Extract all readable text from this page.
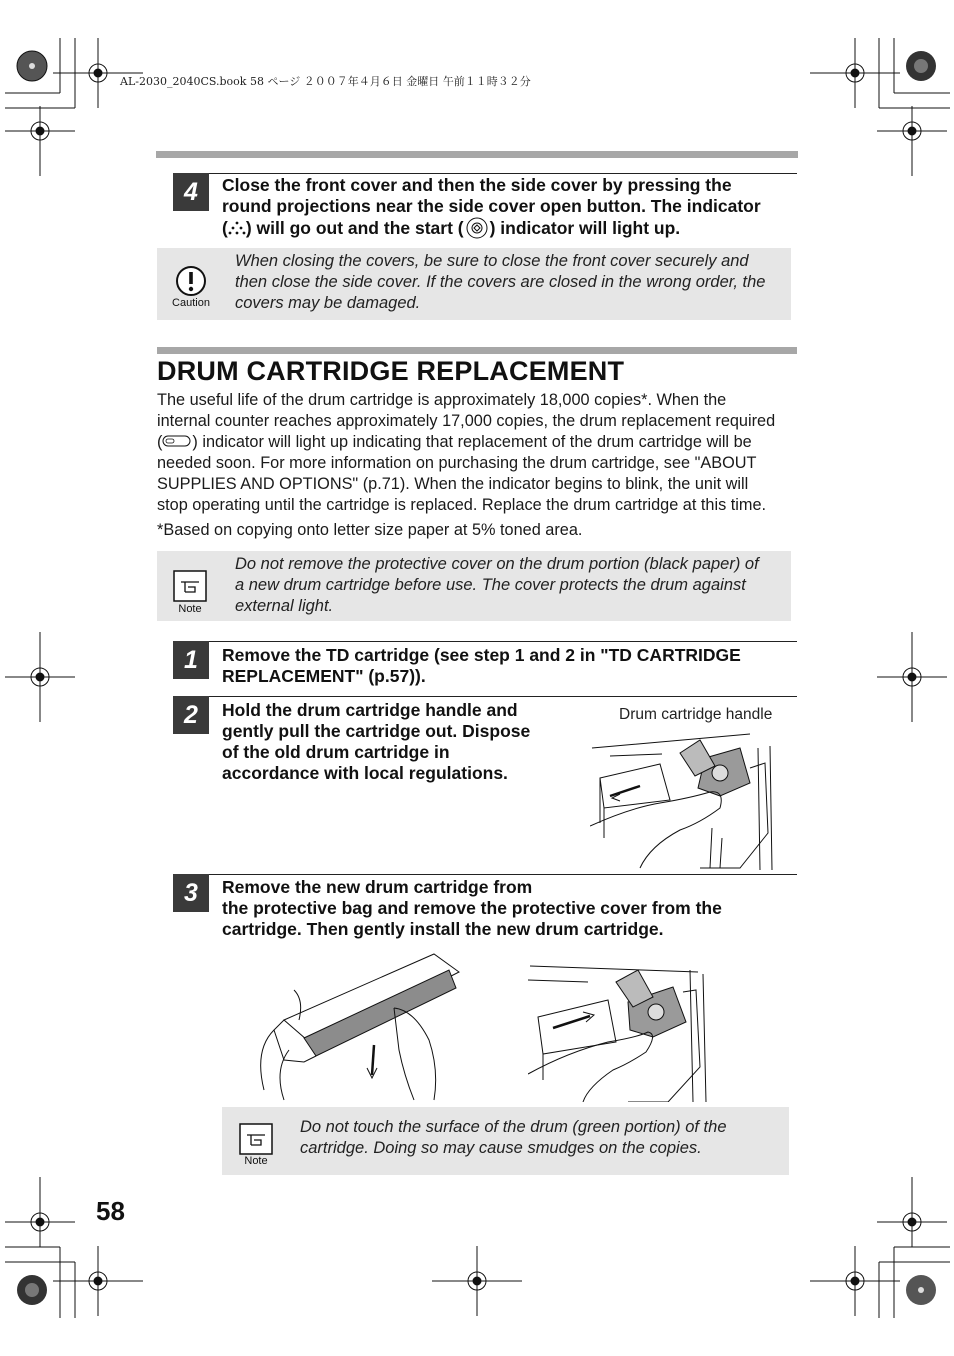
AL-2030_2040CS.book 58 ページ ２００７年４月６日 金曜日 午前１１時３２分
4	Close the front cover and then the side cover by pressing the
round projections near the side cover open button. The indicator
( ) will go out and the start ( ) indicator will light up.
Caution
When closing the covers, be sure to close the front cover securely and
then close the side cover. If the covers are closed in the wrong order, the
covers may be damaged.
DRUM CARTRIDGE REPLACEMENT
The useful life of the drum cartridge is approximately 18,000 copies*. When the
internal counter reaches approximately 17,000 copies, the drum replacement required
( ) indicator will light up indicating that replacement of the drum cartridge will be
needed soon. For more information on purchasing the drum cartridge, see "ABOUT
SUPPLIES AND OPTIONS" (p.71). When the indicator begins to blink, the unit will
stop operating until the cartridge is replaced. Replace the drum cartridge at this time.
*Based on copying onto letter size paper at 5% toned area.
Note
Do not remove the protective cover on the drum portion (black paper) of
a new drum cartridge before use. The cover protects the drum against
external light.
1	Remove the TD cartridge (see step 1 and 2 in "TD CARTRIDGE
REPLACEMENT" (p.57)).
2	Hold the drum cartridge handle and
gently pull the cartridge out. Dispose
of the old drum cartridge in
accordance with local regulations.
Drum cartridge handle
3	Remove the new drum cartridge from
the protective bag and remove the protective cover from the
cartridge. Then gently install the new drum cartridge.
Note
Do not touch the surface of the drum (green portion) of the
cartridge. Doing so may cause smudges on the copies.
58
